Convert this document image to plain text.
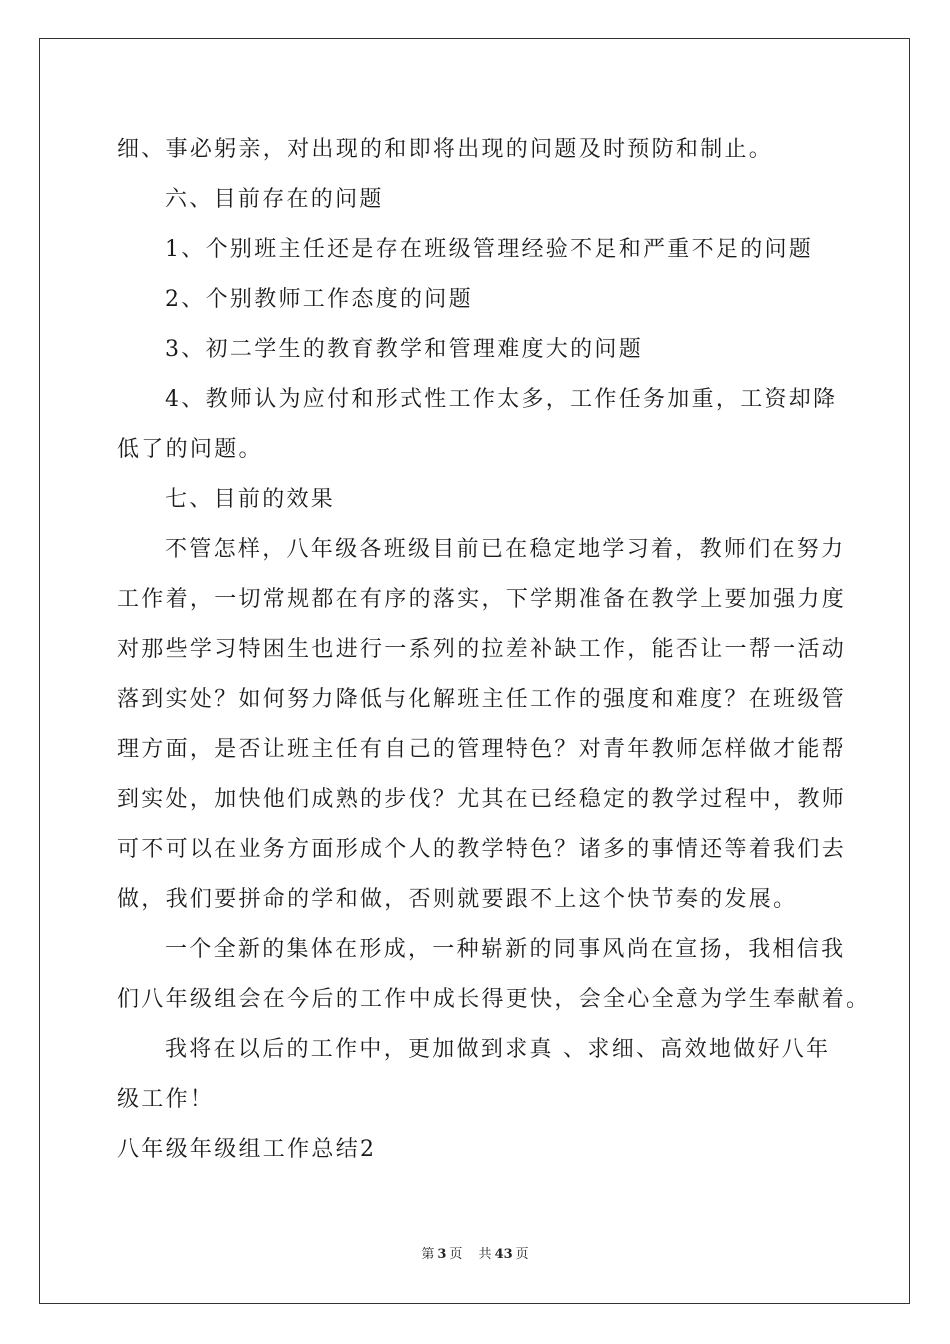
细、事必躬亲，对出现的和即将出现的问题及时预防和制止。
六、目前存在的问题
1、个别班主任还是存在班级管理经验不足和严重不足的问题
2、个别教师工作态度的问题
3、初二学生的教育教学和管理难度大的问题
4、教师认为应付和形式性工作太多，工作任务加重，工资却降
低了的问题。
七、目前的效果
不管怎样，八年级各班级目前已在稳定地学习着，教师们在努力
工作着，一切常规都在有序的落实，下学期准备在教学上要加强力度
对那些学习特困生也进行一系列的拉差补缺工作，能否让一帮一活动
落到实处？如何努力降低与化解班主任工作的强度和难度？在班级管
理方面，是否让班主任有自己的管理特色？对青年教师怎样做才能帮
到实处，加快他们成熟的步伐？尤其在已经稳定的教学过程中，教师
可不可以在业务方面形成个人的教学特色？诸多的事情还等着我们去
做，我们要拼命的学和做，否则就要跟不上这个快节奏的发展。
一个全新的集体在形成，一种崭新的同事风尚在宣扬，我相信我
们八年级组会在今后的工作中成长得更快，会全心全意为学生奉献着。
我将在以后的工作中，更加做到求真 、求细、高效地做好八年
级工作！
八年级年级组工作总结2
第 3 页 共 43 页
